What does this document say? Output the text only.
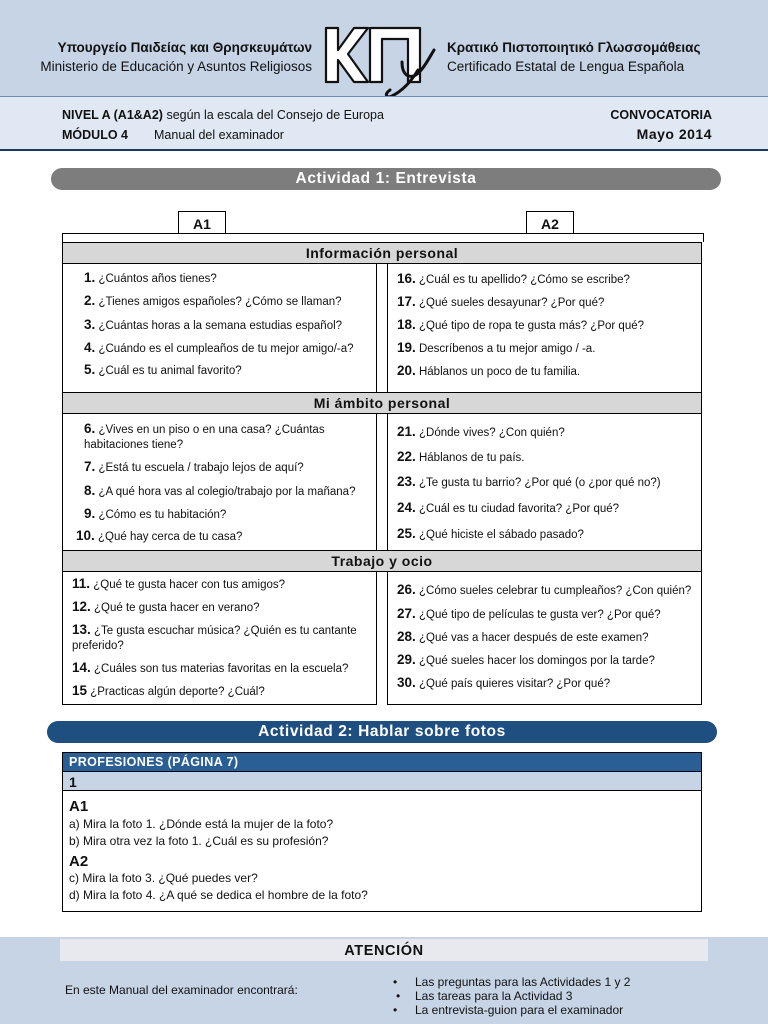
Υπουργείο Παιδείας και Θρησκευμάτων
Ministerio de Educación y Asuntos Religiosos
Κρατικό Πιστοποιητικό Γλωσσομάθειας
Certificado Estatal de Lengua Española
NIVEL A (A1&A2) según la escala del Consejo de Europa
MÓDULO 4 Manual del examinador
CONVOCATORIA
Mayo 2014
Actividad 1: Entrevista
A1	A2
Información personal
Mi ámbito personal
Trabajo y ocio
1. ¿Cuántos años tienes?
2. ¿Tienes amigos españoles? ¿Cómo se llaman?
3. ¿Cuántas horas a la semana estudias español?
4. ¿Cuándo es el cumpleaños de tu mejor amigo/-a?
5. ¿Cuál es tu animal favorito?
16. ¿Cuál es tu apellido? ¿Cómo se escribe?
17. ¿Qué sueles desayunar? ¿Por qué?
18. ¿Qué tipo de ropa te gusta más? ¿Por qué?
19. Descríbenos a tu mejor amigo / -a.
20. Háblanos un poco de tu familia.
6. ¿Vives en un piso o en una casa? ¿Cuántas habitaciones tiene?
7. ¿Está tu escuela / trabajo lejos de aquí?
8. ¿A qué hora vas al colegio/trabajo por la mañana?
9. ¿Cómo es tu habitación?
10. ¿Qué hay cerca de tu casa?
21. ¿Dónde vives? ¿Con quién?
22. Háblanos de tu país.
23. ¿Te gusta tu barrio? ¿Por qué (o ¿por qué no?)
24. ¿Cuál es tu ciudad favorita? ¿Por qué?
25. ¿Qué hiciste el sábado pasado?
11. ¿Qué te gusta hacer con tus amigos?
12. ¿Qué te gusta hacer en verano?
13. ¿Te gusta escuchar música? ¿Quién es tu cantante preferido?
14. ¿Cuáles son tus materias favoritas en la escuela?
15 ¿Practicas algún deporte? ¿Cuál?
26. ¿Cómo sueles celebrar tu cumpleaños? ¿Con quién?
27. ¿Qué tipo de películas te gusta ver? ¿Por qué?
28. ¿Qué vas a hacer después de este examen?
29. ¿Qué sueles hacer los domingos por la tarde?
30. ¿Qué país quieres visitar? ¿Por qué?
Actividad 2: Hablar sobre fotos
PROFESIONES (PÁGINA 7)
1
A1
a) Mira la foto 1. ¿Dónde está la mujer de la foto?
b) Mira otra vez la foto 1. ¿Cuál es su profesión?
A2
c) Mira la foto 3. ¿Qué puedes ver?
d) Mira la foto 4. ¿A qué se dedica el hombre de la foto?
ATENCIÓN
En este Manual del examinador encontrará:
• Las preguntas para las Actividades 1 y 2
• Las tareas para la Actividad 3
• La entrevista-guion para el examinador
